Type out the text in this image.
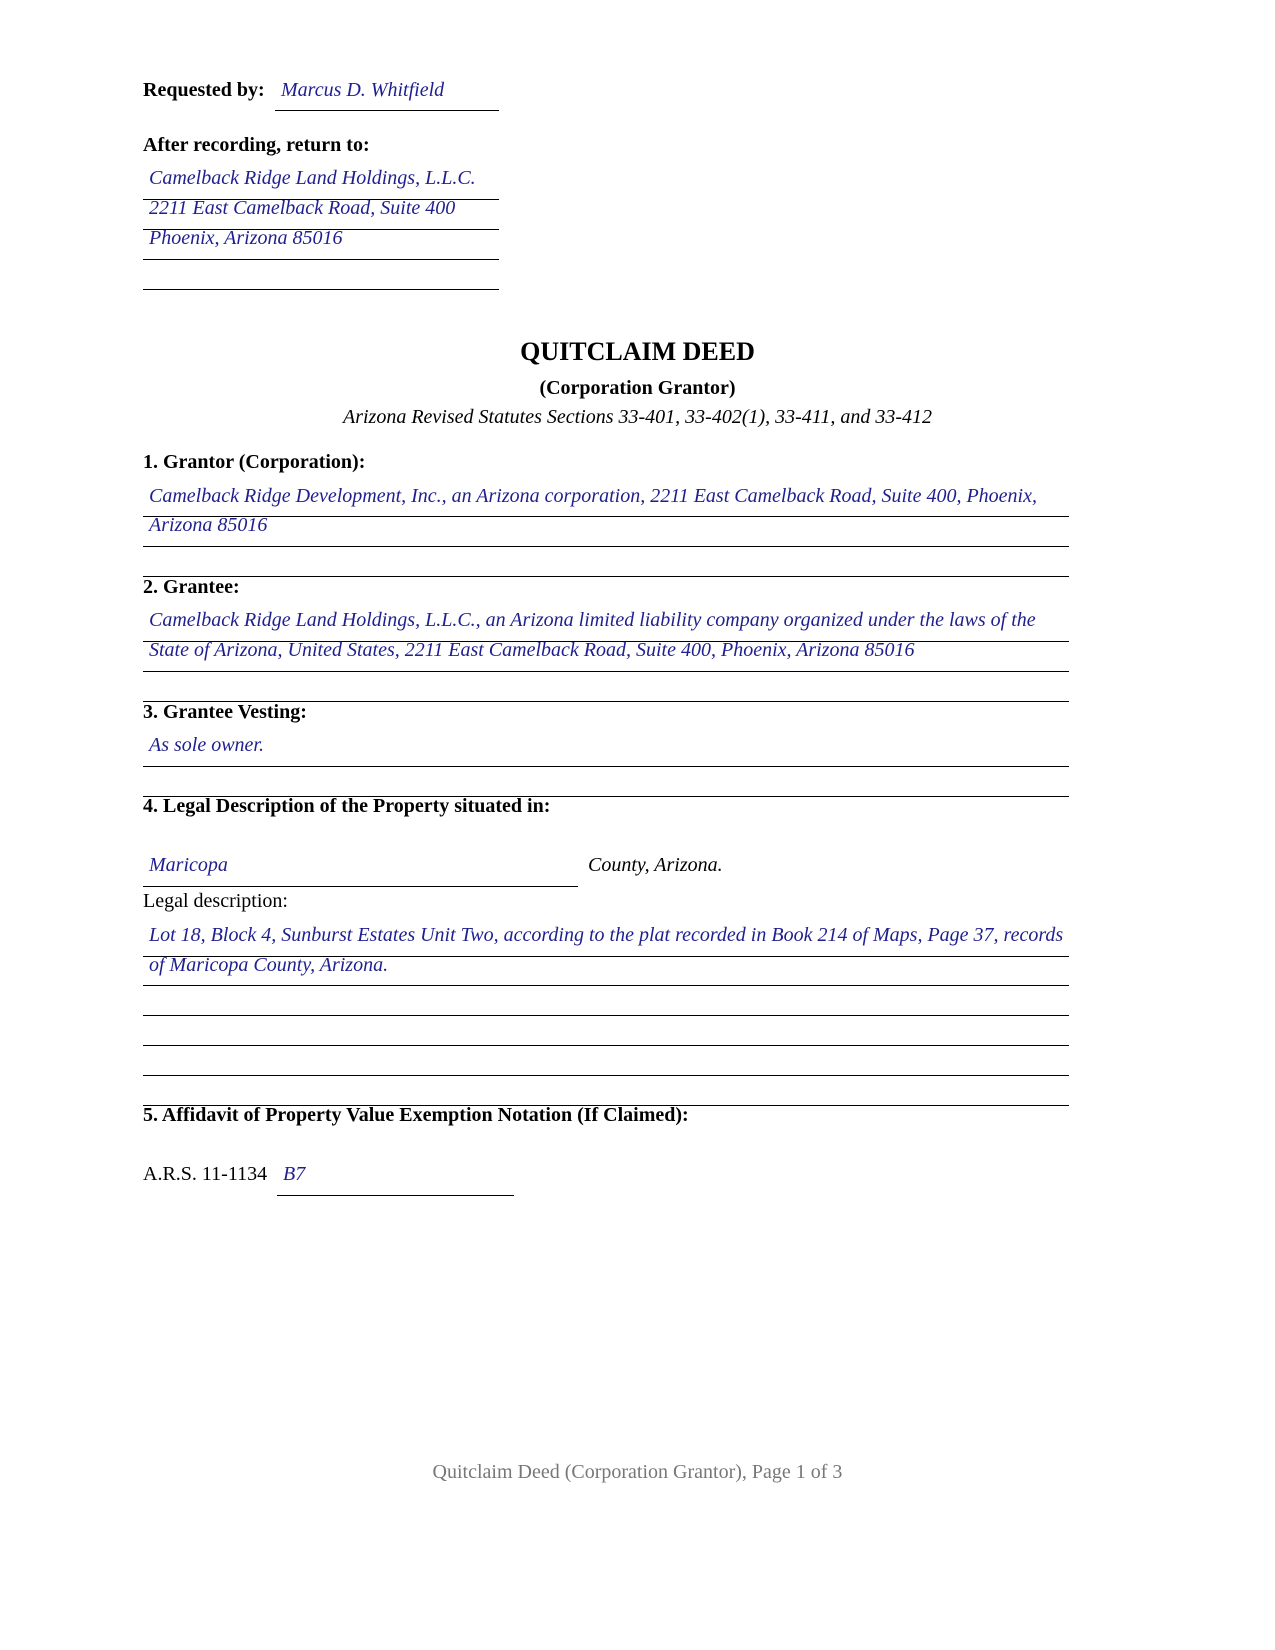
Requested by: Marcus D. Whitfield
After recording, return to:
Camelback Ridge Land Holdings, L.L.C.
2211 East Camelback Road, Suite 400
Phoenix, Arizona 85016
QUITCLAIM DEED
(Corporation Grantor)
Arizona Revised Statutes Sections 33-401, 33-402(1), 33-411, and 33-412
1. Grantor (Corporation):
Camelback Ridge Development, Inc., an Arizona corporation, 2211 East Camelback Road, Suite 400, Phoenix,
Arizona 85016
2. Grantee:
Camelback Ridge Land Holdings, L.L.C., an Arizona limited liability company organized under the laws of the
State of Arizona, United States, 2211 East Camelback Road, Suite 400, Phoenix, Arizona 85016
3. Grantee Vesting:
As sole owner.
4. Legal Description of the Property situated in:
Maricopa	County, Arizona.
Legal description:
Lot 18, Block 4, Sunburst Estates Unit Two, according to the plat recorded in Book 214 of Maps, Page 37, records
of Maricopa County, Arizona.
5. Affidavit of Property Value Exemption Notation (If Claimed):
A.R.S. 11-1134 B7
Quitclaim Deed (Corporation Grantor), Page 1 of 3
